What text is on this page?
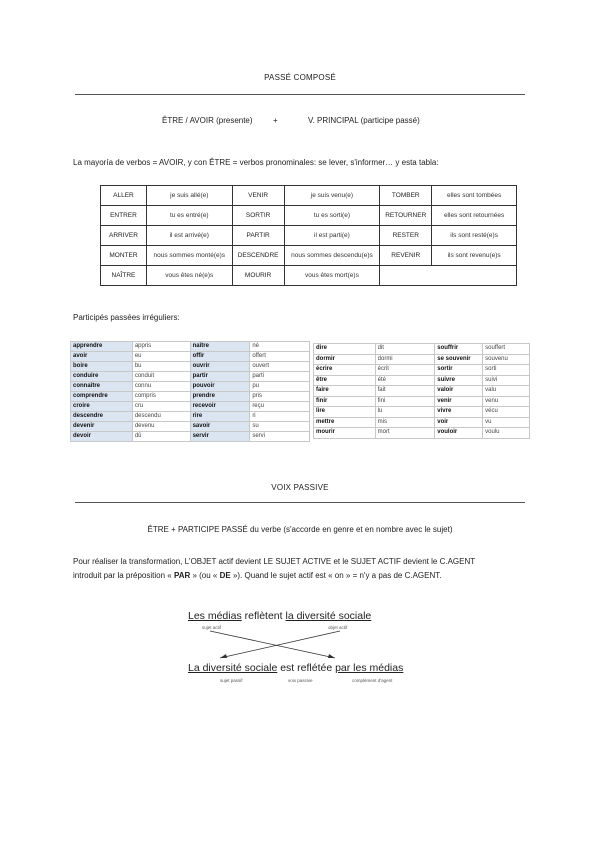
PASSÉ COMPOSÉ
ÊTRE / AVOIR (presente)	+	V. PRINCIPAL (participe passé)
La mayoría de verbos = AVOIR, y con ÊTRE = verbos pronominales: se lever, s'informer… y esta tabla:
ALLER	je suis allé(e)	VENIR	je suis venu(e)	TOMBER	elles sont tombées
ENTRER	tu es entré(e)	SORTIR	tu es sorti(e)	RETOURNER	elles sont retournées
ARRIVER	il est arrivé(e)	PARTIR	il est parti(e)	RESTER	ils sont resté(e)s
MONTER	nous sommes monté(e)s	DESCENDRE	nous sommes descendu(e)s	REVENIR	ils sont revenu(e)s
NAÎTRE	vous êtes né(e)s	MOURIR	vous êtes mort(e)s		
Participés passées irréguliers:
apprendre	appris	naître	né
avoir	eu	offir	offert
boire	bu	ouvrir	ouvert
conduire	conduit	partir	parti
connaître	connu	pouvoir	pu
comprendre	compris	prendre	pris
croire	cru	recevoir	reçu
descendre	descendu	rire	ri
devenir	devenu	savoir	su
devoir	dû	servir	servi
dire	dit	souffrir	souffert
dormir	dormi	se souvenir	souvenu
écrire	écrit	sortir	sorti
être	été	suivre	suivi
faire	fait	valoir	valu
finir	fini	venir	venu
lire	lu	vivre	vécu
mettre	mis	voir	vu
mourir	mort	vouloir	voulu
VOIX PASSIVE
ÊTRE + PARTICIPE PASSÉ du verbe (s'accorde en genre et en nombre avec le sujet)
Pour réaliser la transformation, L'OBJET actif devient LE SUJET ACTIVE et le SUJET ACTIF devient le C.AGENT
introduit par la préposition « PAR » (ou « DE »). Quand le sujet actif est « on » = n'y a pas de C.AGENT.
Les médias reflètent la diversité sociale
sujet actif	objet actif
La diversité sociale est reflétée par les médias
sujet passif	voix passive	complément d'agent
